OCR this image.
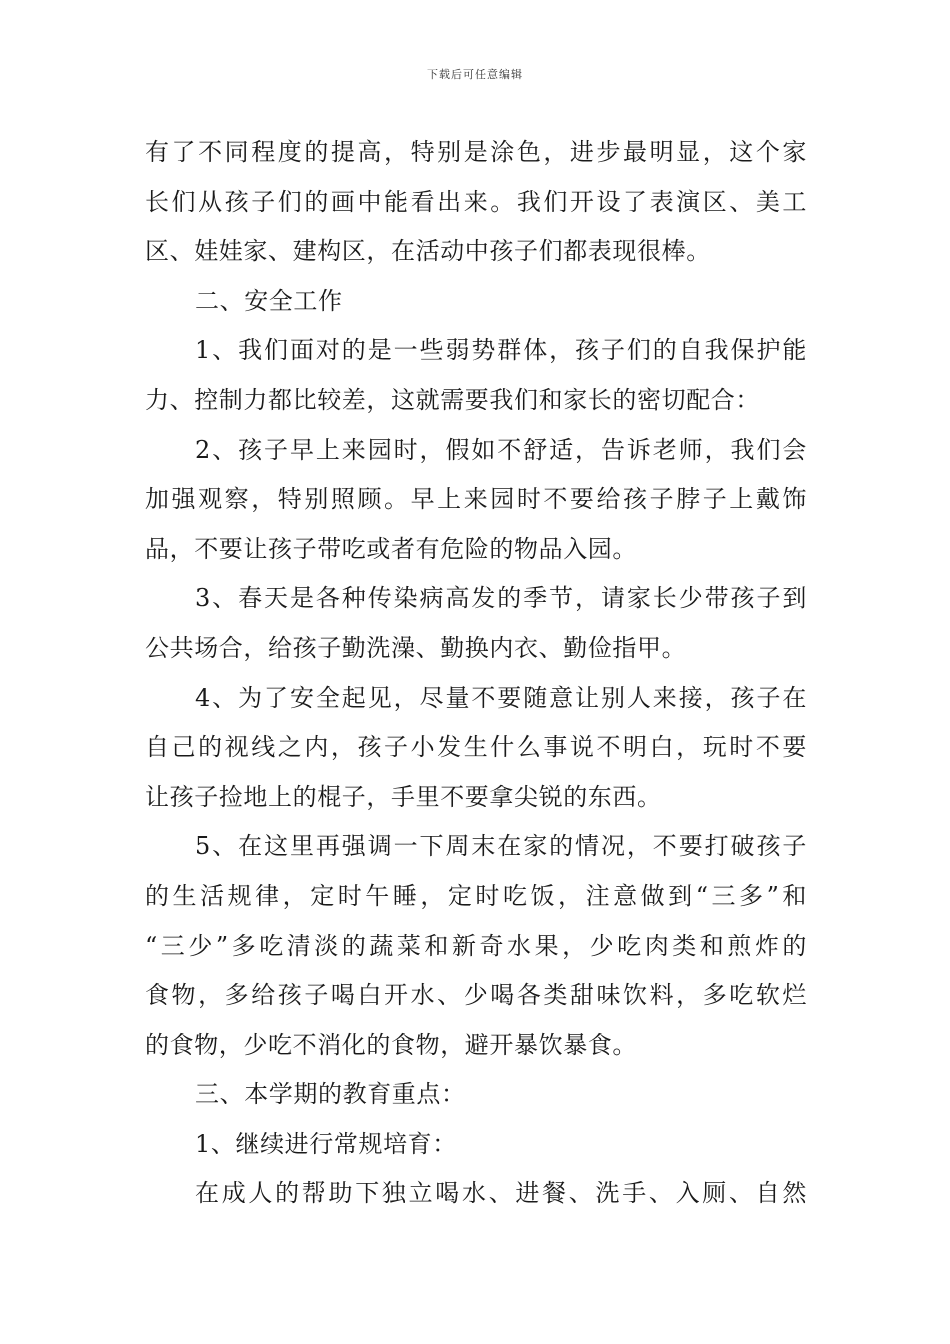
下载后可任意编辑
有了不同程度的提高，特别是涂色，进步最明显，这个家
长们从孩子们的画中能看出来。我们开设了表演区、美工
区、娃娃家、建构区，在活动中孩子们都表现很棒。
二、安全工作
1、我们面对的是一些弱势群体，孩子们的自我保护能
力、控制力都比较差，这就需要我们和家长的密切配合：
2、孩子早上来园时，假如不舒适，告诉老师，我们会
加强观察，特别照顾。早上来园时不要给孩子脖子上戴饰
品，不要让孩子带吃或者有危险的物品入园。
3、春天是各种传染病高发的季节，请家长少带孩子到
公共场合，给孩子勤洗澡、勤换内衣、勤俭指甲。
4、为了安全起见，尽量不要随意让别人来接，孩子在
自己的视线之内，孩子小发生什么事说不明白，玩时不要
让孩子捡地上的棍子，手里不要拿尖锐的东西。
5、在这里再强调一下周末在家的情况，不要打破孩子
的生活规律，定时午睡，定时吃饭，注意做到“三多”和
“三少”多吃清淡的蔬菜和新奇水果，少吃肉类和煎炸的
食物，多给孩子喝白开水、少喝各类甜味饮料，多吃软烂
的食物，少吃不消化的食物，避开暴饮暴食。
三、本学期的教育重点：
1、继续进行常规培育：
在成人的帮助下独立喝水、进餐、洗手、入厕、自然
